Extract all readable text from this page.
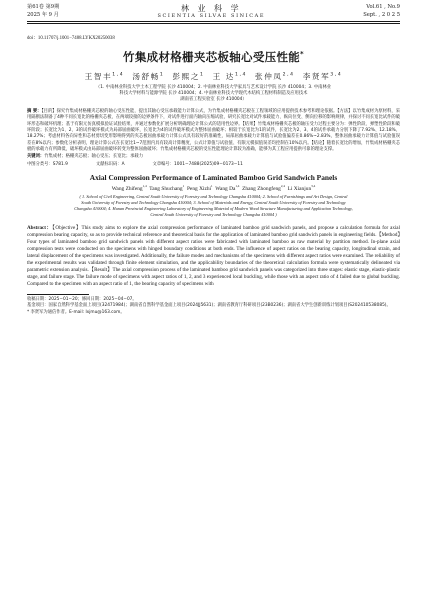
第61卷 第9期
2025 年 9 月
林 业 科 学
SCIENTIA SILVAE SINICAE
Vol.61 , No.9
Sept. , 2 0 2 5
doi：10.11707/j.1001−7488.LYKX20250038
竹集成材格栅夹芯板轴心受压性能*
王智丰$^{1,4}$ 汤舒畅$^1$ 彭熙之$^1$ 王 达$^{1,4}$ 张仲凤$^{2,4}$ 李贤军$^{3,4}$
（1. 中南林业科技大学土木工程学院 长沙 410004；2. 中南林业科技大学家具与艺术设计学院 长沙 410004；3. 中南林业
科技大学材料与能源学院 长沙 410004；4. 中南林业科技大学现代木结构工程材料制造及应用技术
湖南省工程实验室 长沙 410004）
摘 要：【目的】探究竹集成材格栅夹芯板的轴心受压性能，提出其轴心受压承载能力计算公式，为竹集成材格栅夹芯板在工程领域的应用提供技术参考和理论依据。【方法】以竹集成材为原材料，采用隔断法制备了4种不同长宽比的格栅夹芯板，在两端铰接的边界条件下，对试件进行面内轴向压缩试验，研究长宽比对试件承载能力、纵向位变、侧向位移的影响规律，并探讨不同长宽比试件的破坏形态和破坏机理；基于有限元仿真模拟验证试验结果，并通过参数化扩展分析明确理论计算公式的适用性边界。【结果】竹集成材格栅夹芯板的轴压受力过程主要分为：弹性阶段、弹塑性阶段和破坏阶段；长宽比为1、2、3的试件破坏模式为局部屈曲破坏，长宽比为4的试件破坏模式为整体屈曲破坏；相较于长宽比为1的试件，长宽比为2、3、4的试件承载力分别下降了7.92%、12.18%、18.27%；考虑材料各向异性和芯材剪切变形影响得到的夹芯板屈曲承载力计算公式具有较好的准确性，局部屈曲承载力计算值与试验值偏差在0.86%~2.83%，整体屈曲承载力计算值与试验值误差在8%以内；参数化分析表明，理论计算公式在长宽比1~7范围内具有较高计算精度，公式计算值与试验值、有限元模拟值误差均控制在10%以内。【结论】随着长宽比的增加，竹集成材格栅夹芯板的承载力有所降低，破坏模式由局部屈曲破坏转变为整体屈曲破坏；竹集成材格栅夹芯板的受压性能理论计算较为准确，能够为其工程应用提供可靠的理论支撑。
关键词：竹集成材；格栅夹芯板；轴心受压；长宽比；承载力
中图分类号：S781.9	文献标识码：A	文章编号：1001−7488(2025)09−0173−11
Axial Compression Performance of Laminated Bamboo Grid Sandwich Panels
Wang Zhifeng$^{1,4}$ Tang Shuchang$^1$ Peng Xizhi$^1$ Wang Da$^{1,4}$ Zhang Zhongfeng$^{2,4}$ Li Xianjun$^{3,4}$
( 1. School of Civil Engineering, Central South University of Forestry and Technology Changsha 410004; 2. School of Furnishings and Art Design, Central
South University of Forestry and Technology Changsha 410004; 3. School of Materials and Energy, Central South University of Forestry and Technology
Changsha 410004; 4. Hunan Provincial Engineering Laboratory of Engineering Material of Modern Wood Structure Manufacturing and Application Technology,
Central South University of Forestry and Technology Changsha 410004 )
Abstract：【Objective】This study aims to explore the axial compression performance of laminated bamboo grid sandwich panels, and propose a calculation formula for axial compression bearing capacity, so as to provide technical reference and theoretical basis for the application of laminated bamboo grid sandwich panels in engineering fields.【Method】Four types of laminated bamboo grid sandwich panels with different aspect ratios were fabricated with laminated bamboo as raw material by partition method. In-plane axial compression tests were conducted on the specimens with hinged boundary conditions at both ends. The influence of aspect ratios on the bearing capacity, longitudinal strain, and lateral displacement of the specimens was investigated. Additionally, the failure modes and mechanisms of the specimens with different aspect ratios were examined. The reliability of the experimental results was validated through finite element simulation, and the applicability boundaries of the theoretical calculation formula were systematically delineated via parametric extension analysis.【Result】The axial compression process of the laminated bamboo grid sandwich panels was categorized into three stages: elastic stage, elastic-plastic stage, and failure stage. The failure mode of specimens with aspect ratios of 1, 2, and 3 experienced local buckling, while those with an aspect ratio of 4 failed due to global buckling. Compared to the specimen with an aspect ratio of 1, the bearing capacity of specimens with
收稿日期：2025−01−20；修回日期：2025−04−07。
基金项目：国家自然科学基金面上项目(32471984)；湖南省自然科学基金面上项目(2024JJ5631)；湖南省教育厅科研项目(23B0236)；湖南省大学生创新训练计划项目(S202410538085)。
* 李贤军为通信作者。E-mail: lxjmu@163.com。
